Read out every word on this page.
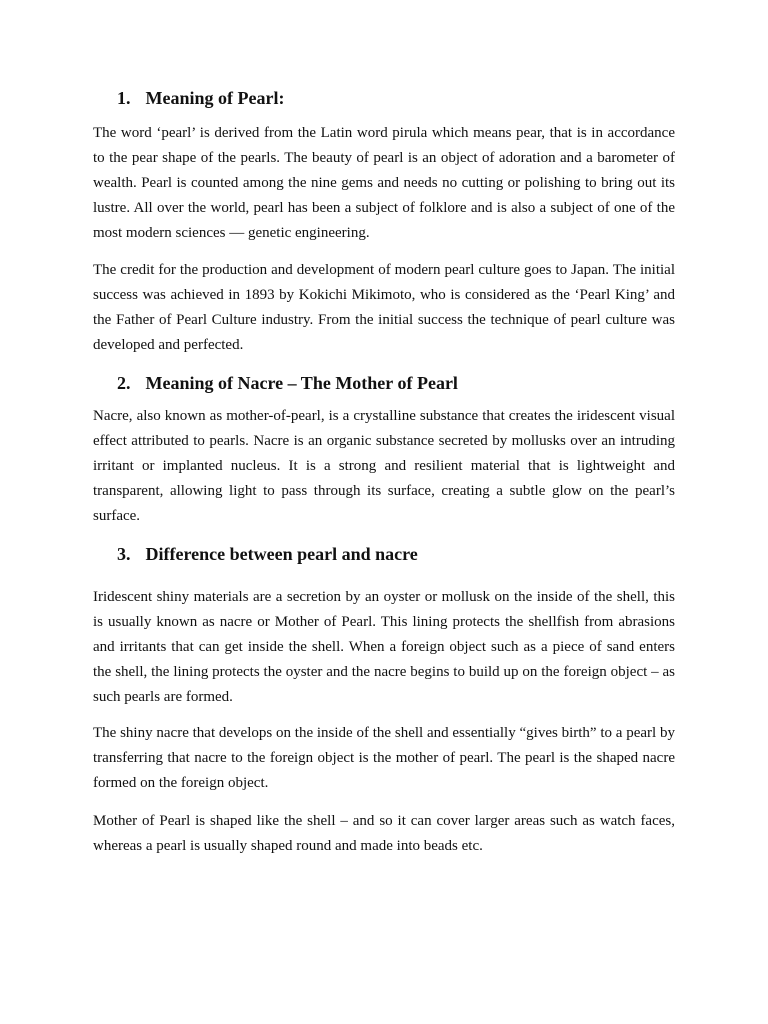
1. Meaning of Pearl:

The word ‘pearl’ is derived from the Latin word pirula which means pear, that is in accordance to the pear shape of the pearls. The beauty of pearl is an object of adoration and a barometer of wealth. Pearl is counted among the nine gems and needs no cutting or polishing to bring out its lustre. All over the world, pearl has been a subject of folklore and is also a subject of one of the most modern sciences — genetic engineering.

The credit for the production and development of modern pearl culture goes to Japan. The initial success was achieved in 1893 by Kokichi Mikimoto, who is considered as the ‘Pearl King’ and the Father of Pearl Culture industry. From the initial success the technique of pearl culture was developed and perfected.

2. Meaning of Nacre – The Mother of Pearl

Nacre, also known as mother-of-pearl, is a crystalline substance that creates the iridescent visual effect attributed to pearls. Nacre is an organic substance secreted by mollusks over an intruding irritant or implanted nucleus. It is a strong and resilient material that is lightweight and transparent, allowing light to pass through its surface, creating a subtle glow on the pearl’s surface.

3. Difference between pearl and nacre

Iridescent shiny materials are a secretion by an oyster or mollusk on the inside of the shell, this is usually known as nacre or Mother of Pearl. This lining protects the shellfish from abrasions and irritants that can get inside the shell. When a foreign object such as a piece of sand enters the shell, the lining protects the oyster and the nacre begins to build up on the foreign object – as such pearls are formed.

The shiny nacre that develops on the inside of the shell and essentially “gives birth” to a pearl by transferring that nacre to the foreign object is the mother of pearl. The pearl is the shaped nacre formed on the foreign object.

Mother of Pearl is shaped like the shell – and so it can cover larger areas such as watch faces, whereas a pearl is usually shaped round and made into beads etc.
